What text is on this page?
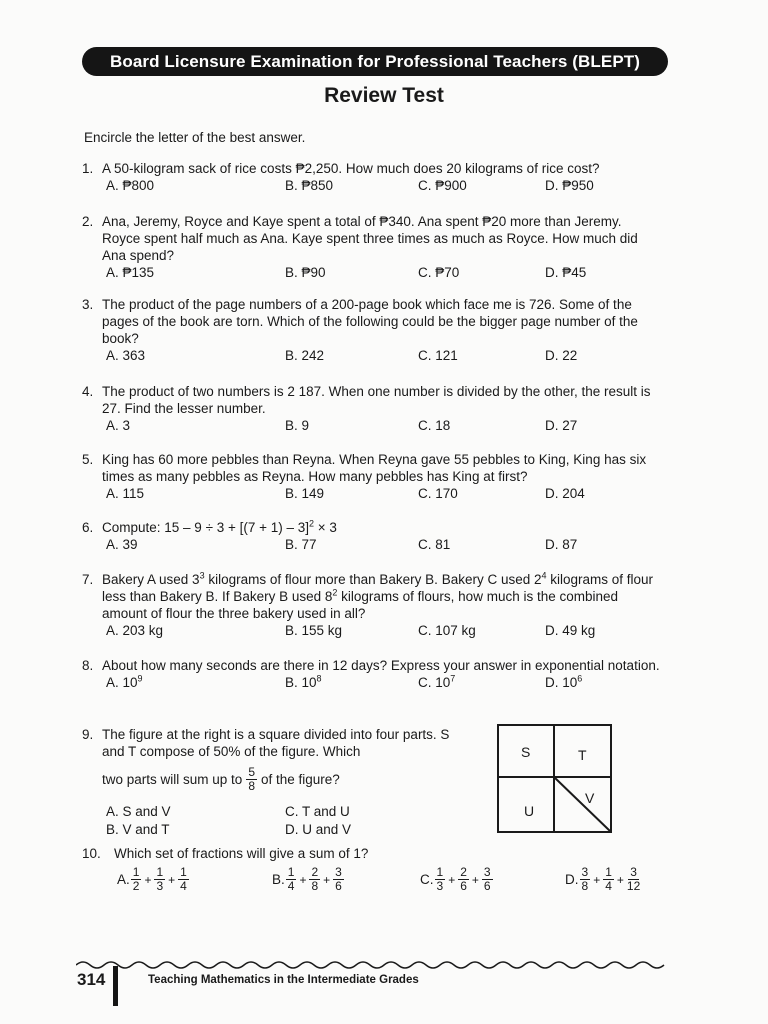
Board Licensure Examination for Professional Teachers (BLEPT)
Review Test
Encircle the letter of the best answer.
1. A 50-kilogram sack of rice costs ₱2,250. How much does 20 kilograms of rice cost?
A. ₱800	B. ₱850	C. ₱900	D. ₱950
2. Ana, Jeremy, Royce and Kaye spent a total of ₱340. Ana spent ₱20 more than Jeremy. Royce spent half much as Ana. Kaye spent three times as much as Royce. How much did Ana spend?
A. ₱135	B. ₱90	C. ₱70	D. ₱45
3. The product of the page numbers of a 200-page book which face me is 726. Some of the pages of the book are torn. Which of the following could be the bigger page number of the book?
A. 363	B. 242	C. 121	D. 22
4. The product of two numbers is 2 187. When one number is divided by the other, the result is 27. Find the lesser number.
A. 3	B. 9	C. 18	D. 27
5. King has 60 more pebbles than Reyna. When Reyna gave 55 pebbles to King, King has six times as many pebbles as Reyna. How many pebbles has King at first?
A. 115	B. 149	C. 170	D. 204
6. Compute: $15 - 9 \div 3 + [(7 + 1) - 3]^2 \times 3$
A. 39	B. 77	C. 81	D. 87
7. Bakery A used $3^3$ kilograms of flour more than Bakery B. Bakery C used $2^4$ kilograms of flour less than Bakery B. If Bakery B used $8^2$ kilograms of flours, how much is the combined amount of flour the three bakery used in all?
A. 203 kg	B. 155 kg	C. 107 kg	D. 49 kg
8. About how many seconds are there in 12 days? Express your answer in exponential notation.
A. $10^9$	B. $10^8$	C. $10^7$	D. $10^6$
9. The figure at the right is a square divided into four parts. S and T compose of 50% of the figure. Which
two parts will sum up to $\frac{5}{8}$ of the figure?
A. S and V	C. T and U
B. V and T	D. U and V
S	T
U
V
10. Which set of fractions will give a sum of 1?
A. $\frac{1}{2} + \frac{1}{3} + \frac{1}{4}$	B. $\frac{1}{4} + \frac{2}{8} + \frac{3}{6}$	C. $\frac{1}{3} + \frac{2}{6} + \frac{3}{6}$	D. $\frac{3}{8} + \frac{1}{4} + \frac{3}{12}$
314	Teaching Mathematics in the Intermediate Grades
